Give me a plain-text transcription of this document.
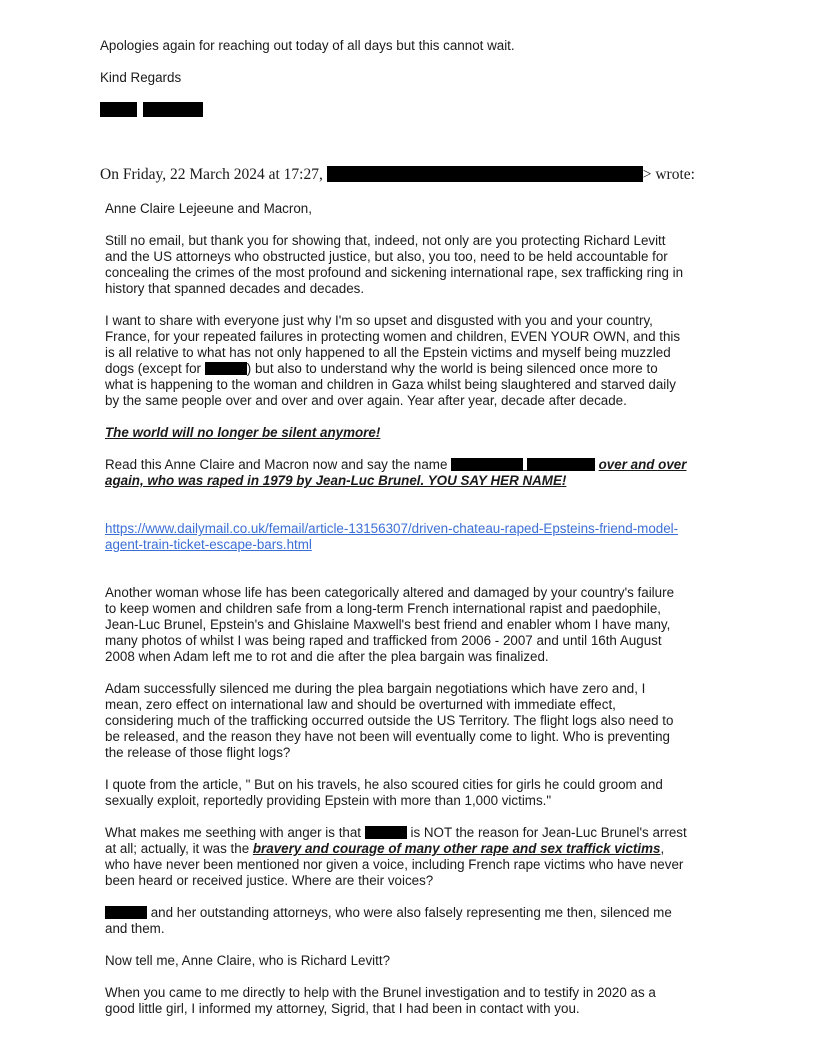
Apologies again for reaching out today of all days but this cannot wait.
Kind Regards

On Friday, 22 March 2024 at 17:27,	> wrote:
Anne Claire Lejeeune and Macron,
Still no email, but thank you for showing that, indeed, not only are you protecting Richard Levitt
and the US attorneys who obstructed justice, but also, you too, need to be held accountable for
concealing the crimes of the most profound and sickening international rape, sex trafficking ring in
history that spanned decades and decades.
I want to share with everyone just why I'm so upset and disgusted with you and your country,
France, for your repeated failures in protecting women and children, EVEN YOUR OWN, and this
is all relative to what has not only happened to all the Epstein victims and myself being muzzled
dogs (except for	) but also to understand why the world is being silenced once more to
what is happening to the woman and children in Gaza whilst being slaughtered and starved daily
by the same people over and over and over again. Year after year, decade after decade.
The world will no longer be silent anymore!
Read this Anne Claire and Macron now and say the name	over and over
again, who was raped in 1979 by Jean-Luc Brunel. YOU SAY HER NAME!
https://www.dailymail.co.uk/femail/article-13156307/driven-chateau-raped-Epsteins-friend-model-
agent-train-ticket-escape-bars.html
Another woman whose life has been categorically altered and damaged by your country's failure
to keep women and children safe from a long-term French international rapist and paedophile,
Jean-Luc Brunel, Epstein's and Ghislaine Maxwell's best friend and enabler whom I have many,
many photos of whilst I was being raped and trafficked from 2006 - 2007 and until 16th August
2008 when Adam left me to rot and die after the plea bargain was finalized.
Adam successfully silenced me during the plea bargain negotiations which have zero and, I
mean, zero effect on international law and should be overturned with immediate effect,
considering much of the trafficking occurred outside the US Territory. The flight logs also need to
be released, and the reason they have not been will eventually come to light. Who is preventing
the release of those flight logs?
I quote from the article, " But on his travels, he also scoured cities for girls he could groom and
sexually exploit, reportedly providing Epstein with more than 1,000 victims."
What makes me seething with anger is that	is NOT the reason for Jean-Luc Brunel's arrest
at all; actually, it was the bravery and courage of many other rape and sex traffick victims,
who have never been mentioned nor given a voice, including French rape victims who have never
been heard or received justice. Where are their voices?
and her outstanding attorneys, who were also falsely representing me then, silenced me
and them.
Now tell me, Anne Claire, who is Richard Levitt?
When you came to me directly to help with the Brunel investigation and to testify in 2020 as a
good little girl, I informed my attorney, Sigrid, that I had been in contact with you.
